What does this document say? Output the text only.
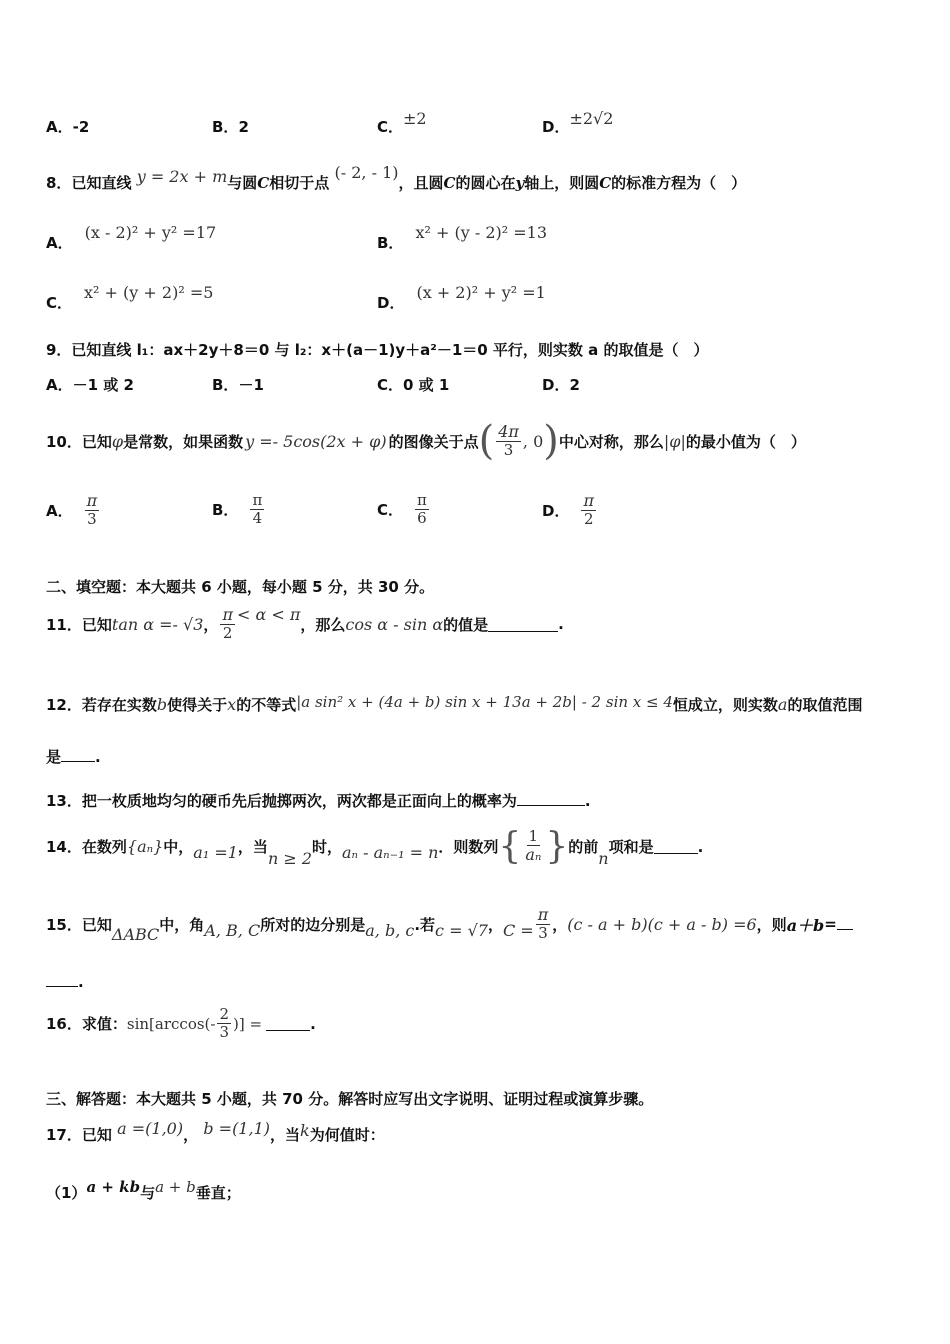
A．-2	B．2	C．±2	D．±2√2
8．已知直线 y = 2x + m与圆C相切于点 (- 2, - 1)，且圆C的圆心在y轴上，则圆C的标准方程为（　）
A．(x - 2)² + y² =17
B．x² + (y - 2)² =13
C．x² + (y + 2)² =5
D．(x + 2)² + y² =1
9．已知直线 l₁：ax＋2y＋8＝0 与 l₂：x＋(a－1)y＋a²－1＝0 平行，则实数 a 的取值是（　）
A．－1 或 2	B．－1	C．0 或 1	D．2
10． 已知 φ 是常数，如果函数 y =- 5cos(2x + φ) 的图像关于点 ( $\frac{4\pi}{3}$ , 0 ) 中心对称，那么 |φ| 的最小值为（　）
A． $\frac{\pi}{3}$	B． $\frac{\pi}{4}$	C． $\frac{\pi}{6}$	D． $\frac{\pi}{2}$
二、填空题：本大题共 6 小题，每小题 5 分，共 30 分。
11． 已知 tan α =- √3 ， $\frac{\pi}{2} < \alpha < \pi$
，那么 cos α - sin α 的值是	.
12．若存在实数b使得关于x的不等式|a sin² x + (4a + b) sin x + 13a + 2b| - 2 sin x ≤ 4恒成立，则实数a的取值范围
是 .
13．把一枚质地均匀的硬币先后抛掷两次，两次都是正面向上的概率为	.
14． 在数列 {aₙ} 中， a₁ =1 ，当
n ≥ 2
时， aₙ - aₙ₋₁ = n ．则数列 { $\frac{1}{\text{aₙ}}$ } 的前
n
项和是	.
15． 已知 ΔABC 中，角 A, B, C 所对的边分别是 a, b, c .若 c = √7 ， $C = \frac{\pi}{3}$ ， (c - a + b)(c + a - b) =6 ，则 a＋b =
.
16． 求值： $\sin[\arccos(- \frac{2}{3}$ )] =	.
三、解答题：本大题共 5 小题，共 70 分。解答时应写出文字说明、证明过程或演算步骤。
17．已知 a =(1,0)， b =(1,1)，当k为何值时：
（1）a + kb与a + b垂直；
